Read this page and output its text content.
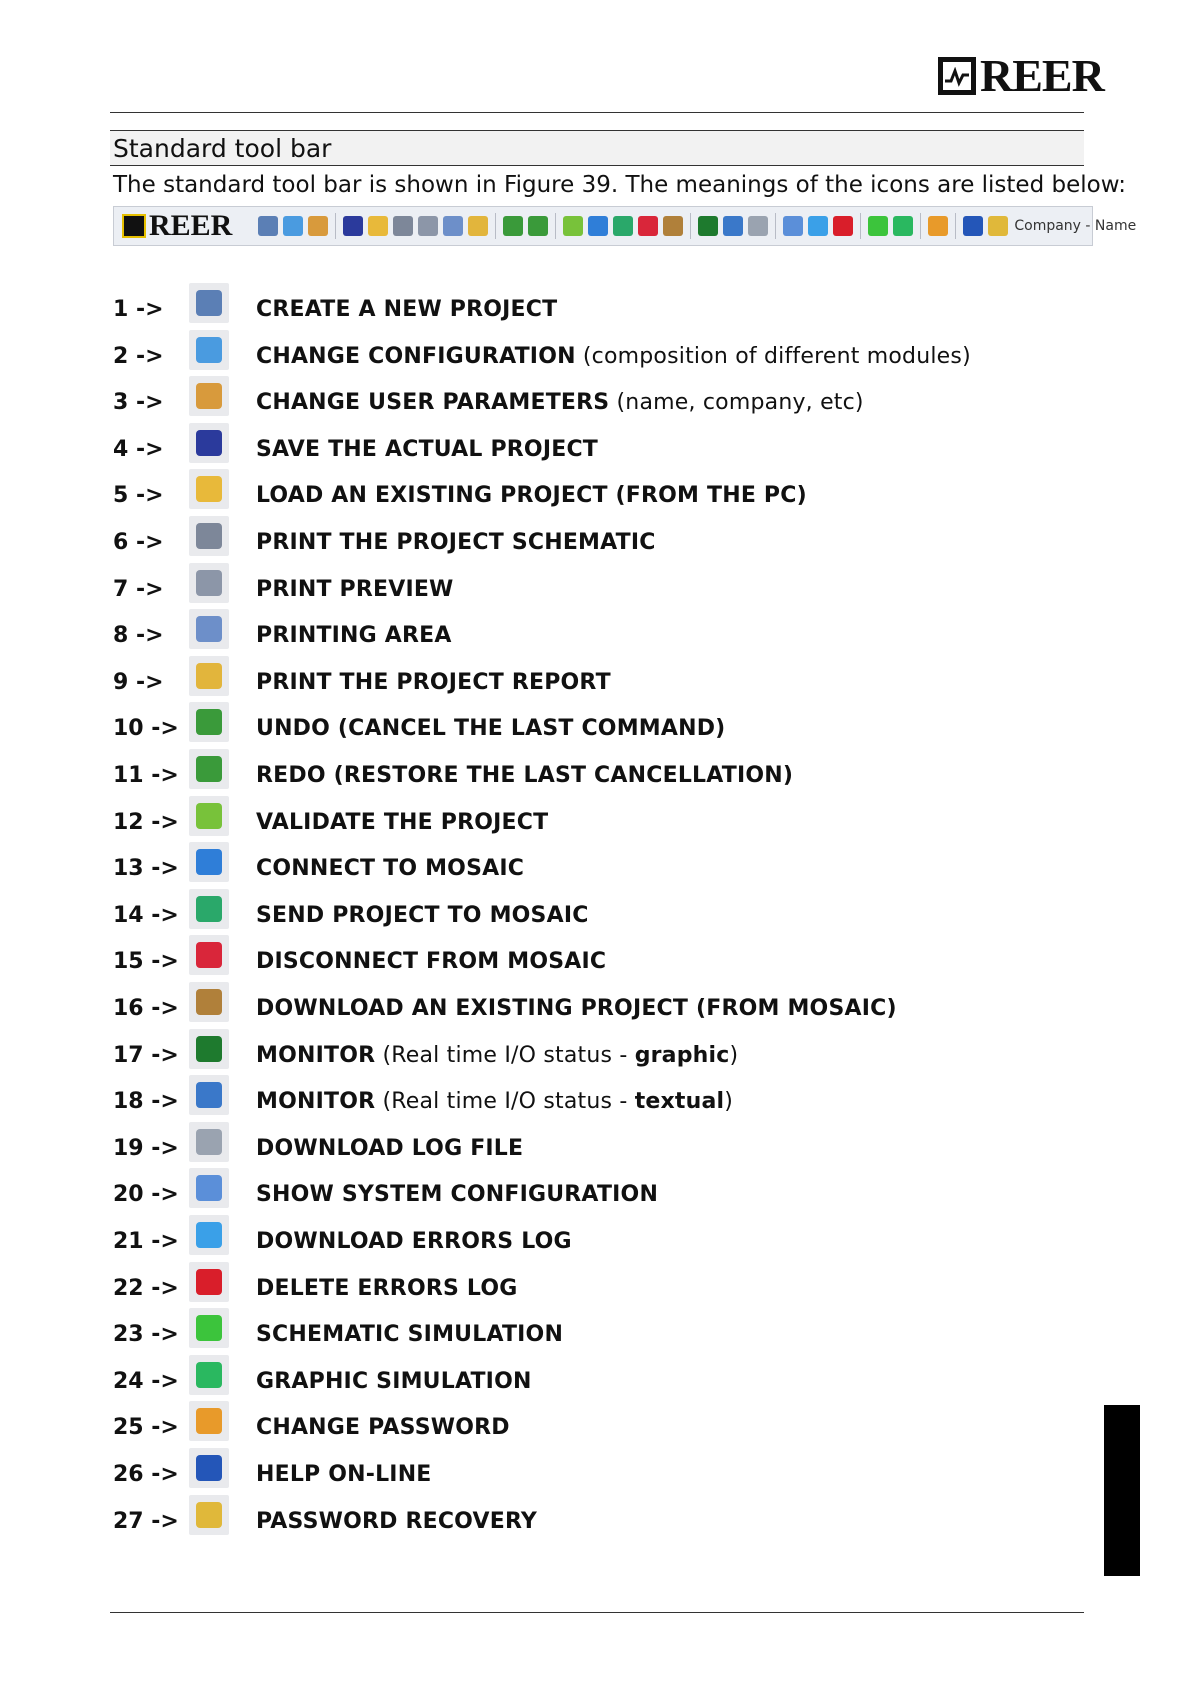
REER
Standard tool bar
The standard tool bar is shown in Figure 39. The meanings of the icons are listed below:
REER	Company - Name
1 ->	CREATE A NEW PROJECT
2 ->	CHANGE CONFIGURATION (composition of different modules)
3 ->	CHANGE USER PARAMETERS (name, company, etc)
4 ->	SAVE THE ACTUAL PROJECT
5 ->	LOAD AN EXISTING PROJECT (FROM THE PC)
6 ->	PRINT THE PROJECT SCHEMATIC
7 ->	PRINT PREVIEW
8 ->	PRINTING AREA
9 ->	PRINT THE PROJECT REPORT
10 ->	UNDO (CANCEL THE LAST COMMAND)
11 ->	REDO (RESTORE THE LAST CANCELLATION)
12 ->	VALIDATE THE PROJECT
13 ->	CONNECT TO MOSAIC
14 ->	SEND PROJECT TO MOSAIC
15 ->	DISCONNECT FROM MOSAIC
16 ->	DOWNLOAD AN EXISTING PROJECT (FROM MOSAIC)
17 ->	MONITOR (Real time I/O status - graphic)
18 ->	MONITOR (Real time I/O status - textual)
19 ->	DOWNLOAD LOG FILE
20 ->	SHOW SYSTEM CONFIGURATION
21 ->	DOWNLOAD ERRORS LOG
22 ->	DELETE ERRORS LOG
23 ->	SCHEMATIC SIMULATION
24 ->	GRAPHIC SIMULATION
25 ->	CHANGE PASSWORD
26 ->	HELP ON-LINE
27 ->	PASSWORD RECOVERY
